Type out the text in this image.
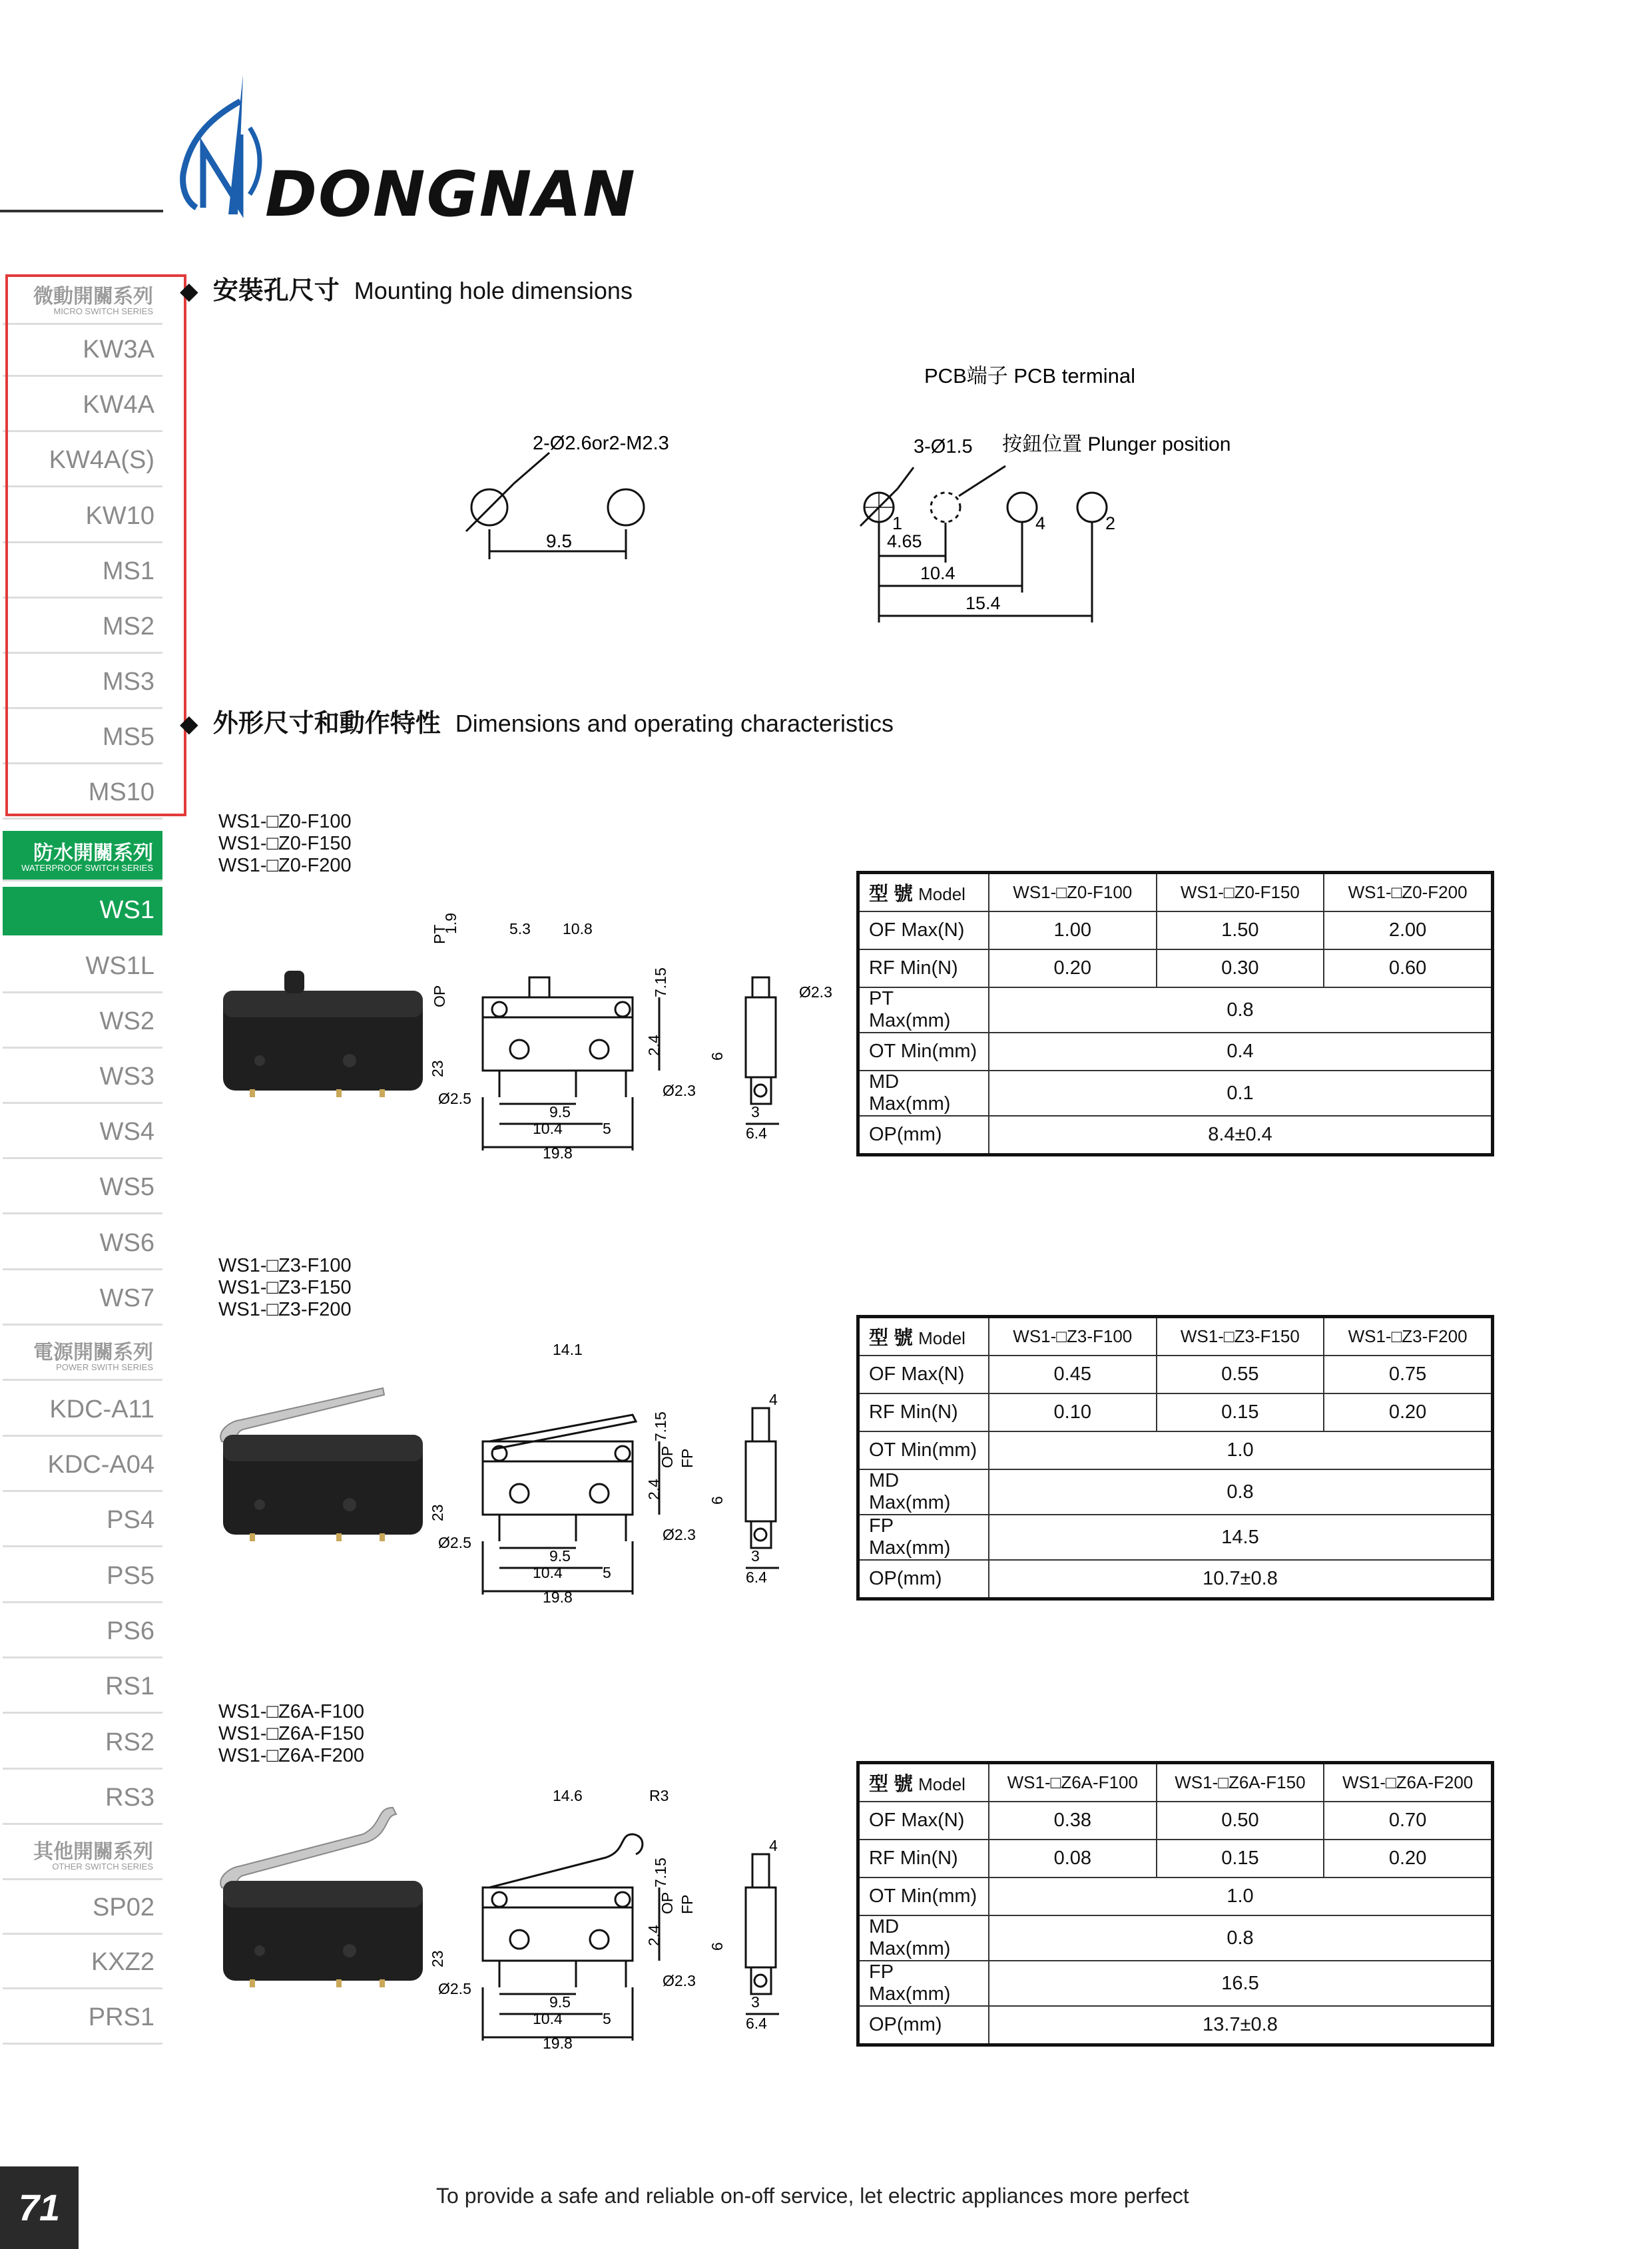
DONGNAN
微動開關系列
MICRO SWITCH SERIES
KW3A
KW4A
KW4A(S)
KW10
MS1
MS2
MS3
MS5
MS10
防水開關系列
WATERPROOF SWITCH SERIES
WS1
WS1L
WS2
WS3
WS4
WS5
WS6
WS7
電源開關系列
POWER SWITH SERIES
KDC-A11
KDC-A04
PS4
PS5
PS6
RS1
RS2
RS3
其他開關系列
OTHER SWITCH SERIES
SP02
KXZ2
PRS1
◆ 安裝孔尺寸 Mounting hole dimensions
PCB端子 PCB terminal
2-Ø2.6or2-M2.3
9.5
3-Ø1.5 按鈕位置 Plunger position
4.65
10.4
15.4
1	4	2
◆ 外形尺寸和動作特性 Dimensions and operating characteristics
WS1-□Z0-F100
WS1-□Z0-F150
WS1-□Z0-F200
7.15
2.4
23
Ø2.3
9.5
Ø2.5
10.4	5
19.8
6
3
6.4
Ø2.3
5.3 10.8
PT
1.9
OP
型 號 Model	WS1-□Z0-F100	WS1-□Z0-F150	WS1-□Z0-F200
OF Max(N)	1.00	1.50	2.00
RF Min(N)	0.20	0.30	0.60
PT Max(mm)	0.8		
OT Min(mm)	0.4		
MD Max(mm)	0.1		
OP(mm)	8.4±0.4		
WS1-□Z3-F100
WS1-□Z3-F150
WS1-□Z3-F200
7.15
2.4
23
Ø2.3
9.5
Ø2.5
10.4	5
19.8
6
3
6.4
14.1
OP FP
4
型 號 Model	WS1-□Z3-F100	WS1-□Z3-F150	WS1-□Z3-F200
OF Max(N)	0.45	0.55	0.75
RF Min(N)	0.10	0.15	0.20
OT Min(mm)	1.0		
MD Max(mm)	0.8		
FP Max(mm)	14.5		
OP(mm)	10.7±0.8		
WS1-□Z6A-F100
WS1-□Z6A-F150
WS1-□Z6A-F200
7.15
2.4
23
Ø2.3
9.5
Ø2.5
10.4	5
19.8
6
3
6.4
14.6	R3
OP FP
4
型 號 Model	WS1-□Z6A-F100	WS1-□Z6A-F150	WS1-□Z6A-F200
OF Max(N)	0.38	0.50	0.70
RF Min(N)	0.08	0.15	0.20
OT Min(mm)	1.0		
MD Max(mm)	0.8		
FP Max(mm)	16.5		
OP(mm)	13.7±0.8		
71	To provide a safe and reliable on-off service, let electric appliances more perfect
